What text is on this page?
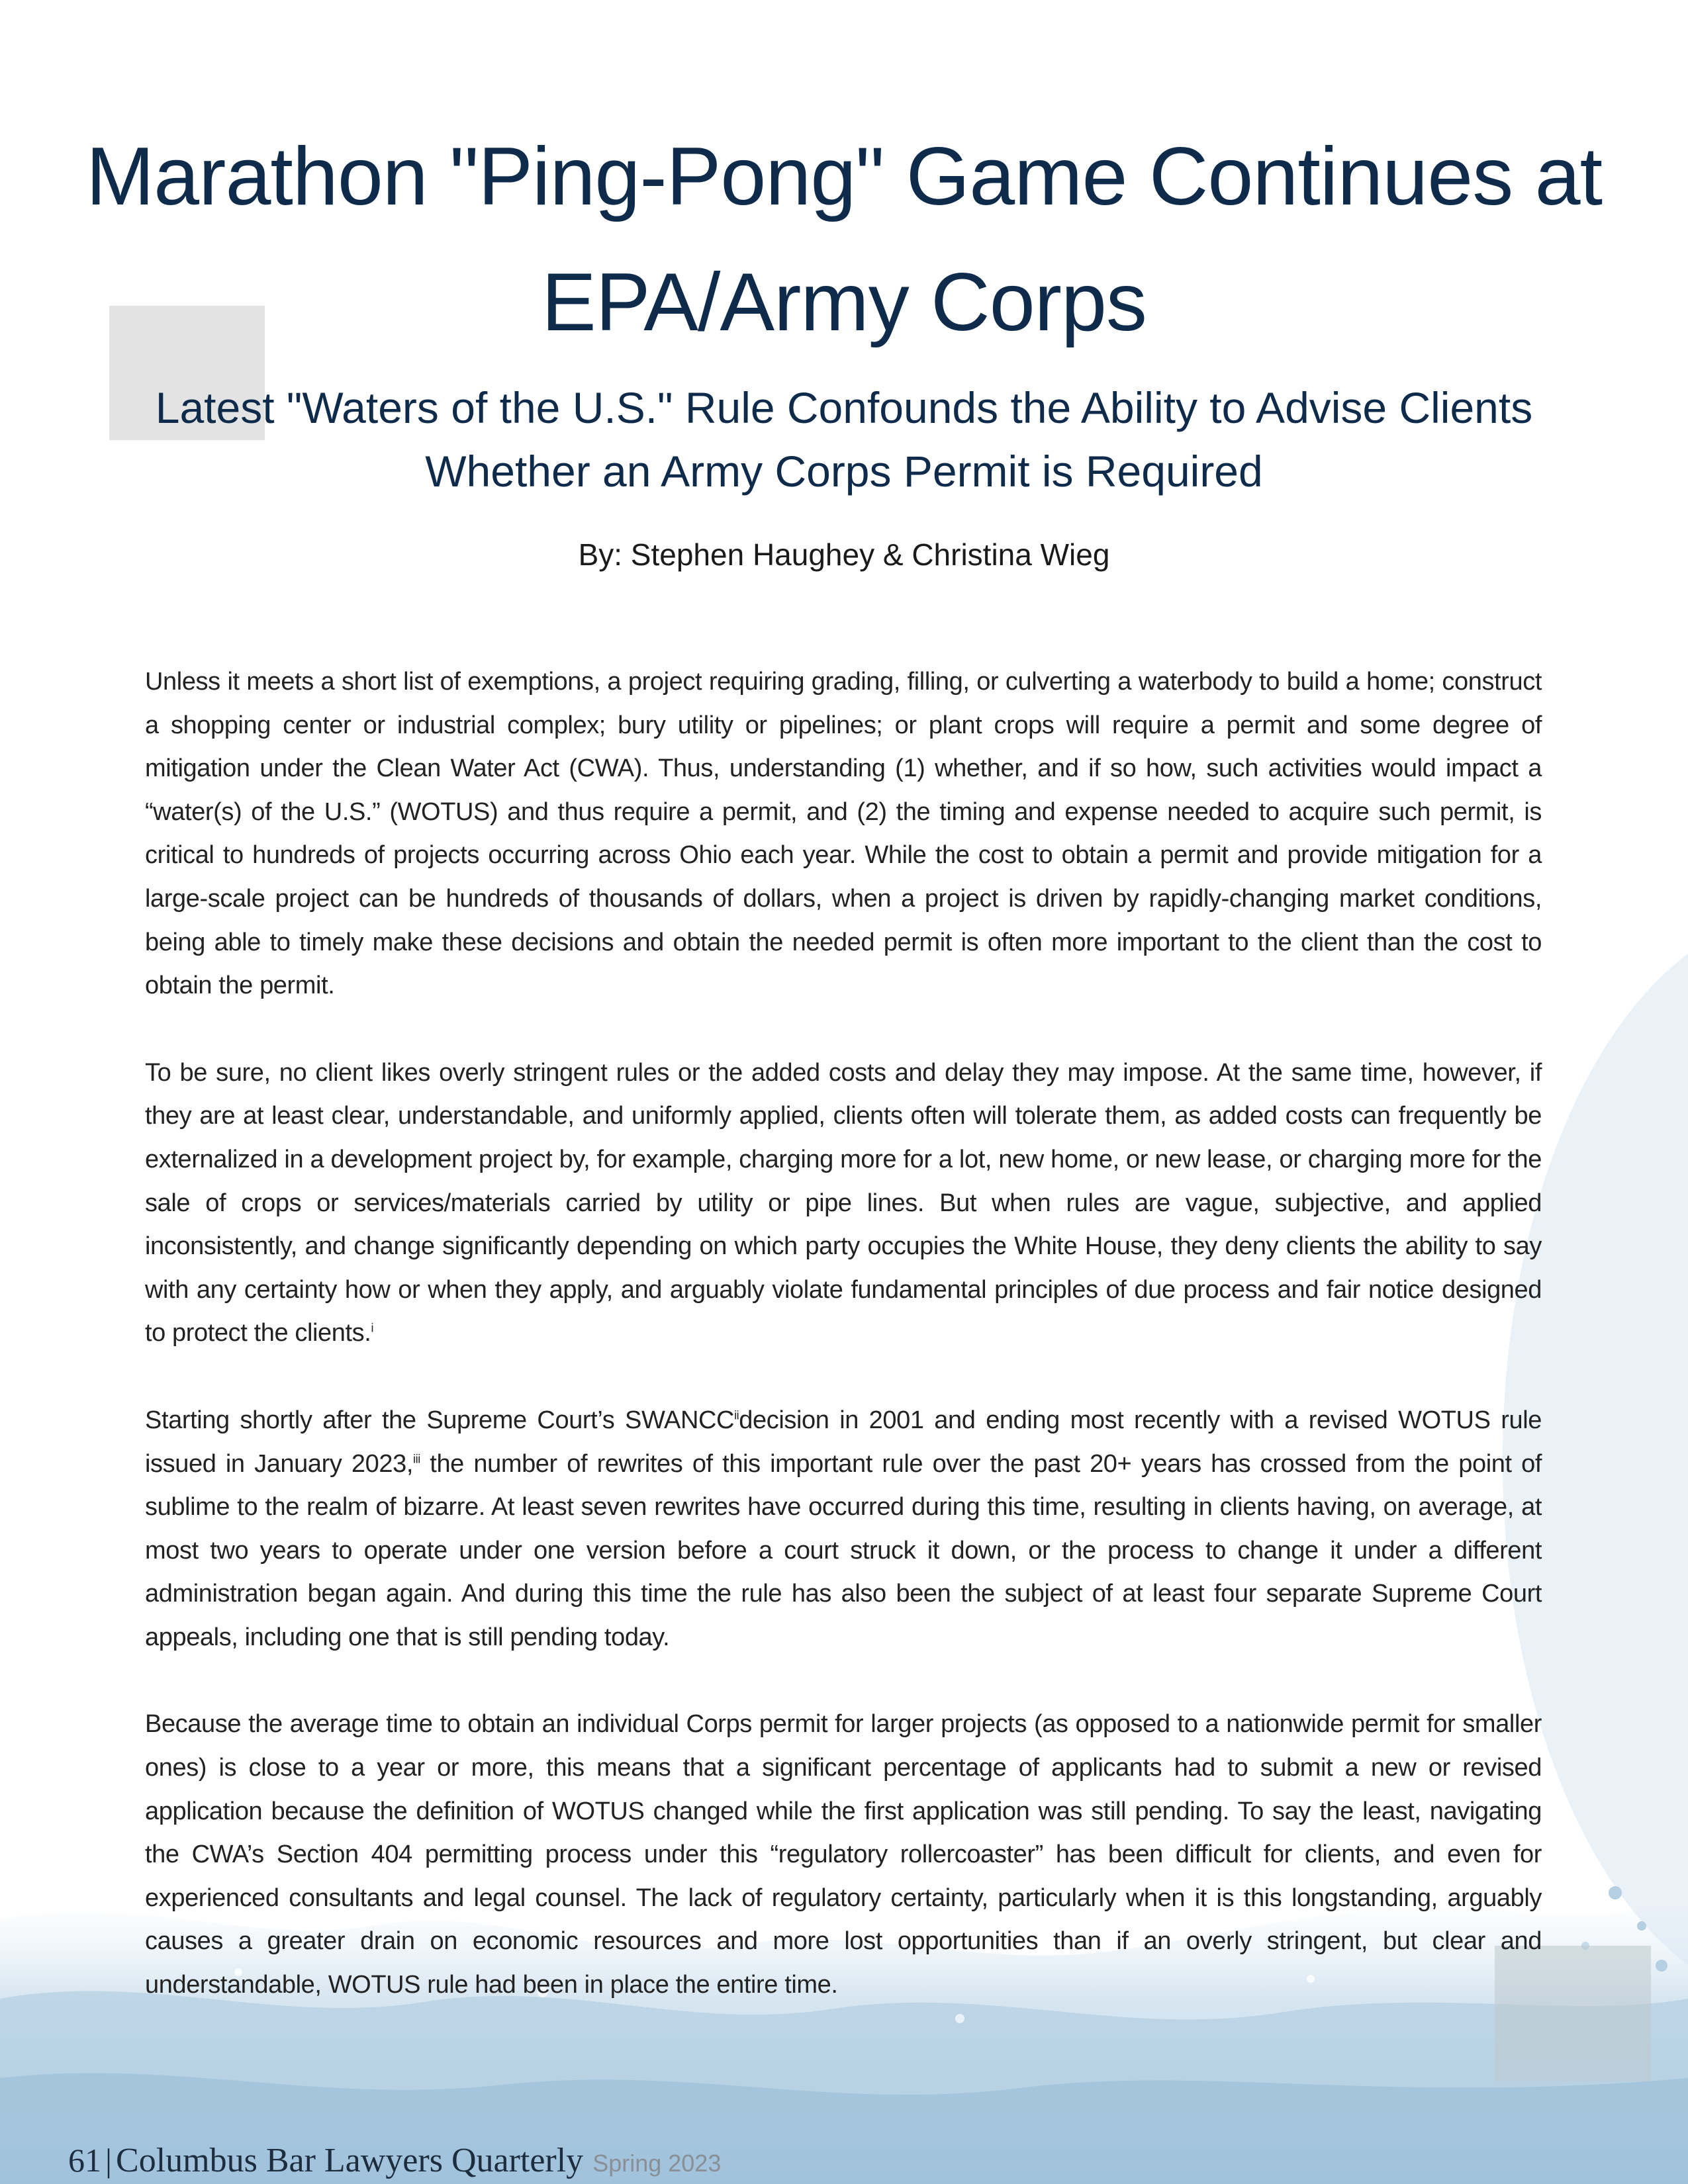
Marathon "Ping-Pong" Game Continues at EPA/Army Corps
Latest "Waters of the U.S." Rule Confounds the Ability to Advise Clients Whether an Army Corps Permit is Required
By: Stephen Haughey & Christina Wieg

Unless it meets a short list of exemptions, a project requiring grading, filling, or culverting a waterbody to build a home; construct a shopping center or industrial complex; bury utility or pipelines; or plant crops will require a permit and some degree of mitigation under the Clean Water Act (CWA). Thus, understanding (1) whether, and if so how, such activities would impact a “water(s) of the U.S.” (WOTUS) and thus require a permit, and (2) the timing and expense needed to acquire such permit, is critical to hundreds of projects occurring across Ohio each year. While the cost to obtain a permit and provide mitigation for a large-scale project can be hundreds of thousands of dollars, when a project is driven by rapidly-changing market conditions, being able to timely make these decisions and obtain the needed permit is often more important to the client than the cost to obtain the permit.

To be sure, no client likes overly stringent rules or the added costs and delay they may impose. At the same time, however, if they are at least clear, understandable, and uniformly applied, clients often will tolerate them, as added costs can frequently be externalized in a development project by, for example, charging more for a lot, new home, or new lease, or charging more for the sale of crops or services/materials carried by utility or pipe lines. But when rules are vague, subjective, and applied inconsistently, and change significantly depending on which party occupies the White House, they deny clients the ability to say with any certainty how or when they apply, and arguably violate fundamental principles of due process and fair notice designed to protect the clients.$^i$

Starting shortly after the Supreme Court’s SWANCC$^{ii}$decision in 2001 and ending most recently with a revised WOTUS rule issued in January 2023,$^{iii}$ the number of rewrites of this important rule over the past 20+ years has crossed from the point of sublime to the realm of bizarre. At least seven rewrites have occurred during this time, resulting in clients having, on average, at most two years to operate under one version before a court struck it down, or the process to change it under a different administration began again. And during this time the rule has also been the subject of at least four separate Supreme Court appeals, including one that is still pending today.

Because the average time to obtain an individual Corps permit for larger projects (as opposed to a nationwide permit for smaller ones) is close to a year or more, this means that a significant percentage of applicants had to submit a new or revised application because the definition of WOTUS changed while the first application was still pending. To say the least, navigating the CWA’s Section 404 permitting process under this “regulatory rollercoaster” has been difficult for clients, and even for experienced consultants and legal counsel. The lack of regulatory certainty, particularly when it is this longstanding, arguably causes a greater drain on economic resources and more lost opportunities than if an overly stringent, but clear and understandable, WOTUS rule had been in place the entire time.

61 | Columbus Bar Lawyers Quarterly Spring 2023
